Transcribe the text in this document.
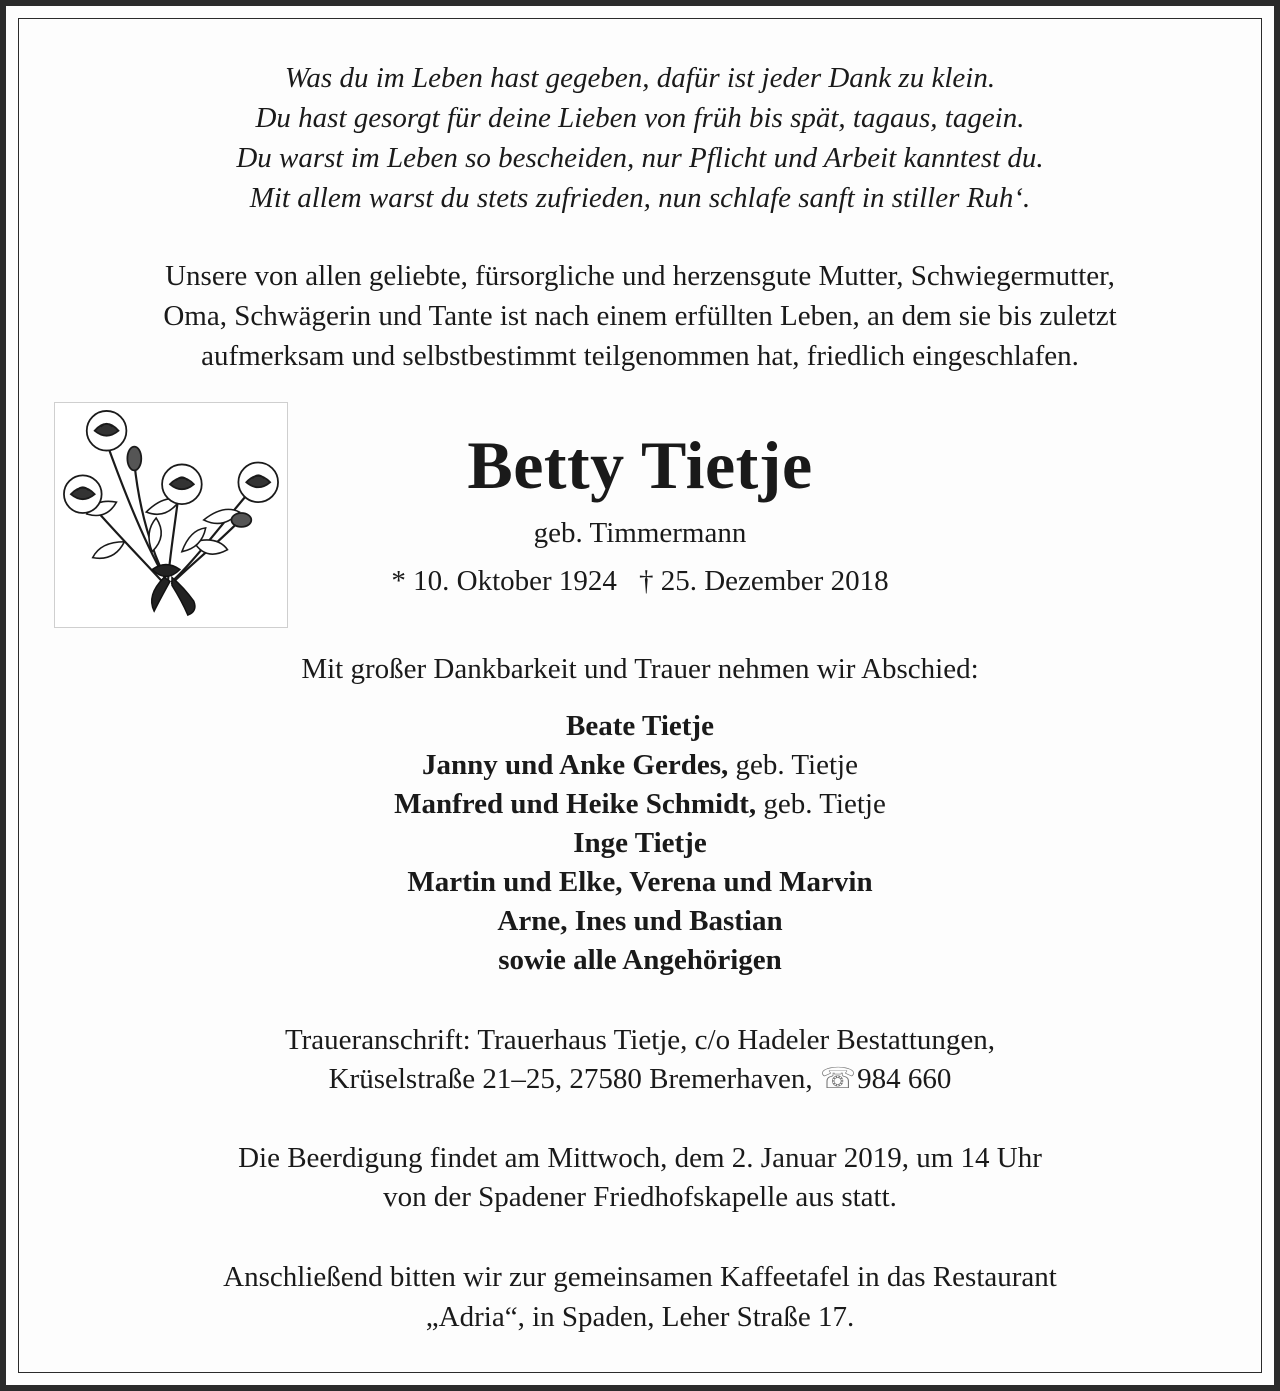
Was du im Leben hast gegeben, dafür ist jeder Dank zu klein.
Du hast gesorgt für deine Lieben von früh bis spät, tagaus, tagein.
Du warst im Leben so bescheiden, nur Pflicht und Arbeit kanntest du.
Mit allem warst du stets zufrieden, nun schlafe sanft in stiller Ruh‘.
Unsere von allen geliebte, fürsorgliche und herzensgute Mutter, Schwiegermutter,
Oma, Schwägerin und Tante ist nach einem erfüllten Leben, an dem sie bis zuletzt
aufmerksam und selbstbestimmt teilgenommen hat, friedlich eingeschlafen.
Betty Tietje
geb. Timmermann
* 10. Oktober 1924 † 25. Dezember 2018
Mit großer Dankbarkeit und Trauer nehmen wir Abschied:
Beate Tietje
Janny und Anke Gerdes, geb. Tietje
Manfred und Heike Schmidt, geb. Tietje
Inge Tietje
Martin und Elke, Verena und Marvin
Arne, Ines und Bastian
sowie alle Angehörigen
Traueranschrift: Trauerhaus Tietje, c/o Hadeler Bestattungen,
Krüselstraße 21–25, 27580 Bremerhaven, ☏ 984 660
Die Beerdigung findet am Mittwoch, dem 2. Januar 2019, um 14 Uhr
von der Spadener Friedhofskapelle aus statt.
Anschließend bitten wir zur gemeinsamen Kaffeetafel in das Restaurant
„Adria“, in Spaden, Leher Straße 17.
